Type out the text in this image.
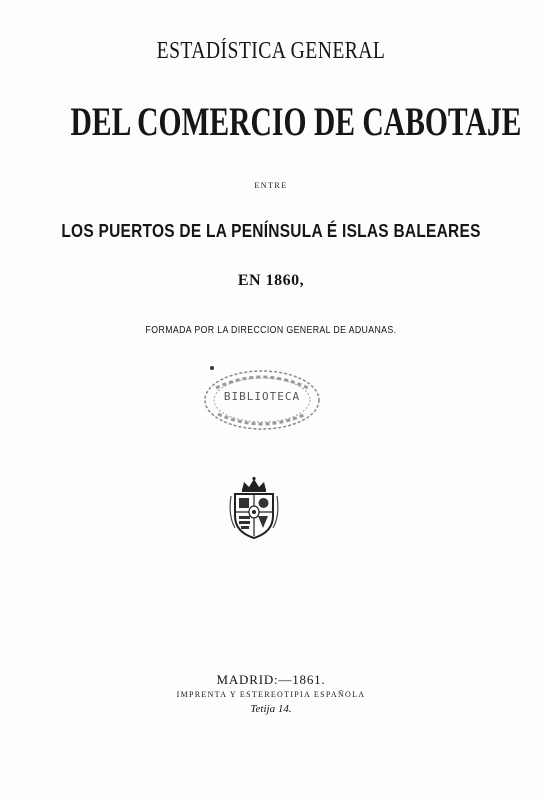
ESTADÍSTICA GENERAL
DEL COMERCIO DE CABOTAJE
ENTRE
LOS PUERTOS DE LA PENÍNSULA É ISLAS BALEARES
EN 1860,
FORMADA POR LA DIRECCION GENERAL DE ADUANAS.
BIBLIOTECA
MADRID:—1861.
IMPRENTA Y ESTEREOTIPIA ESPAÑOLA
Tetija 14.
